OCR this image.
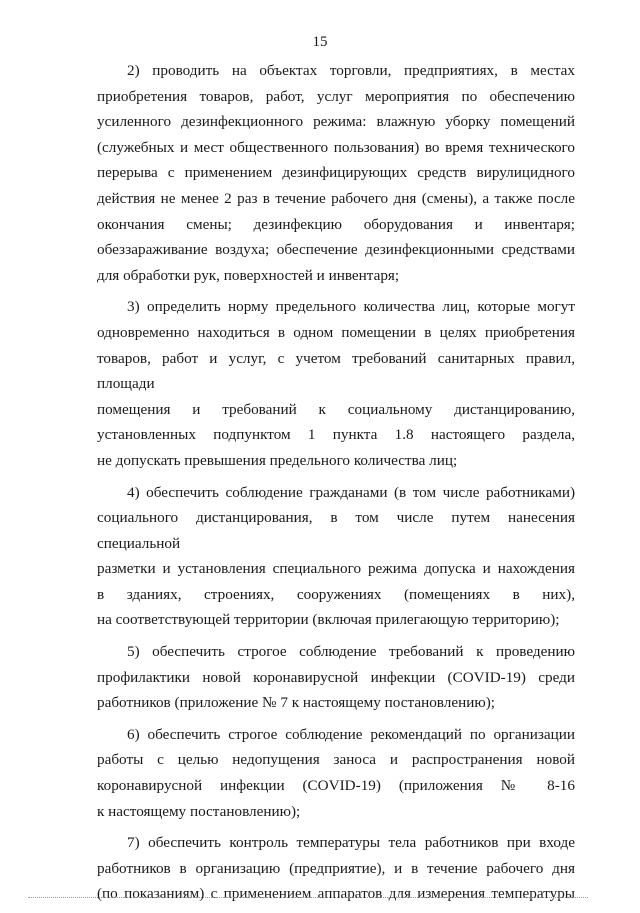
15

2) проводить на объектах торговли, предприятиях, в местах
приобретения товаров, работ, услуг мероприятия по обеспечению
усиленного дезинфекционного режима: влажную уборку помещений
(служебных и мест общественного пользования) во время технического
перерыва с применением дезинфицирующих средств вирулицидного
действия не менее 2 раз в течение рабочего дня (смены), а также после
окончания смены; дезинфекцию оборудования и инвентаря;
обеззараживание воздуха; обеспечение дезинфекционными средствами
для обработки рук, поверхностей и инвентаря;

3) определить норму предельного количества лиц, которые могут
одновременно находиться в одном помещении в целях приобретения
товаров, работ и услуг, с учетом требований санитарных правил, площади
помещения и требований к социальному дистанцированию,
установленных подпунктом 1 пункта 1.8 настоящего раздела,
не допускать превышения предельного количества лиц;

4) обеспечить соблюдение гражданами (в том числе работниками)
социального дистанцирования, в том числе путем нанесения специальной
разметки и установления специального режима допуска и нахождения
в зданиях, строениях, сооружениях (помещениях в них),
на соответствующей территории (включая прилегающую территорию);

5) обеспечить строгое соблюдение требований к проведению
профилактики новой коронавирусной инфекции (COVID-19) среди
работников (приложение № 7 к настоящему постановлению);

6) обеспечить строгое соблюдение рекомендаций по организации
работы с целью недопущения заноса и распространения новой
коронавирусной инфекции (COVID-19) (приложения № 8-16
к настоящему постановлению);

7) обеспечить контроль температуры тела работников при входе
работников в организацию (предприятие), и в течение рабочего дня
(по показаниям) с применением аппаратов для измерения температуры
